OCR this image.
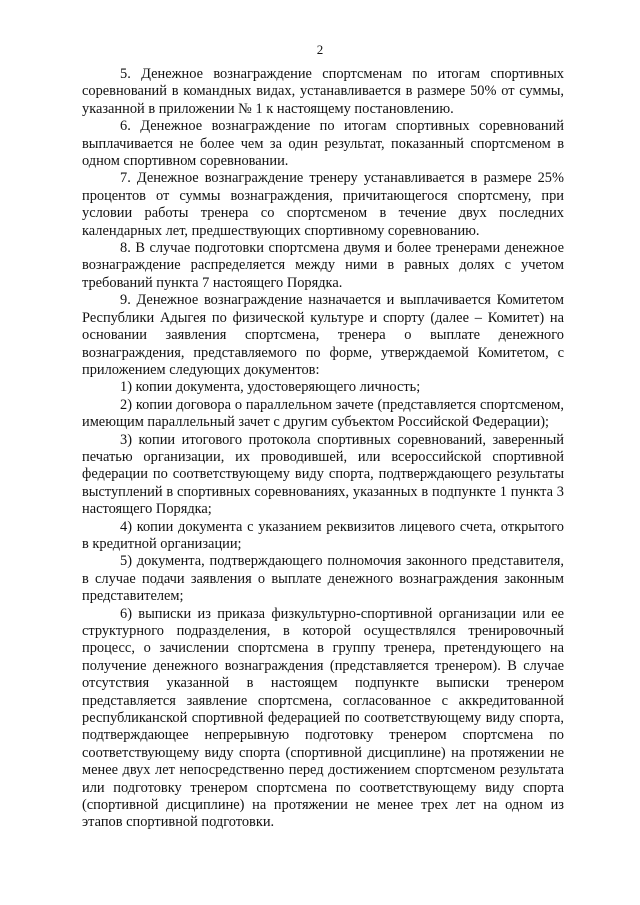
2

5. Денежное вознаграждение спортсменам по итогам спортивных соревнований в командных видах, устанавливается в размере 50% от суммы, указанной в приложении № 1 к настоящему постановлению.

6. Денежное вознаграждение по итогам спортивных соревнований выплачивается не более чем за один результат, показанный спортсменом в одном спортивном соревновании.

7. Денежное вознаграждение тренеру устанавливается в размере 25% процентов от суммы вознаграждения, причитающегося спортсмену, при условии работы тренера со спортсменом в течение двух последних календарных лет, предшествующих спортивному соревнованию.

8. В случае подготовки спортсмена двумя и более тренерами денежное вознаграждение распределяется между ними в равных долях с учетом требований пункта 7 настоящего Порядка.

9. Денежное вознаграждение назначается и выплачивается Комитетом Республики Адыгея по физической культуре и спорту (далее – Комитет) на основании заявления спортсмена, тренера о выплате денежного вознаграждения, представляемого по форме, утверждаемой Комитетом, с приложением следующих документов:

1) копии документа, удостоверяющего личность;

2) копии договора о параллельном зачете (представляется спортсменом, имеющим параллельный зачет с другим субъектом Российской Федерации);

3) копии итогового протокола спортивных соревнований, заверенный печатью организации, их проводившей, или всероссийской спортивной федерации по соответствующему виду спорта, подтверждающего результаты выступлений в спортивных соревнованиях, указанных в подпункте 1 пункта 3 настоящего Порядка;

4) копии документа с указанием реквизитов лицевого счета, открытого в кредитной организации;

5) документа, подтверждающего полномочия законного представителя, в случае подачи заявления о выплате денежного вознаграждения законным представителем;

6) выписки из приказа физкультурно-спортивной организации или ее структурного подразделения, в которой осуществлялся тренировочный процесс, о зачислении спортсмена в группу тренера, претендующего на получение денежного вознаграждения (представляется тренером). В случае отсутствия указанной в настоящем подпункте выписки тренером представляется заявление спортсмена, согласованное с аккредитованной республиканской спортивной федерацией по соответствующему виду спорта, подтверждающее непрерывную подготовку тренером спортсмена по соответствующему виду спорта (спортивной дисциплине) на протяжении не менее двух лет непосредственно перед достижением спортсменом результата или подготовку тренером спортсмена по соответствующему виду спорта (спортивной дисциплине) на протяжении не менее трех лет на одном из этапов спортивной подготовки.
